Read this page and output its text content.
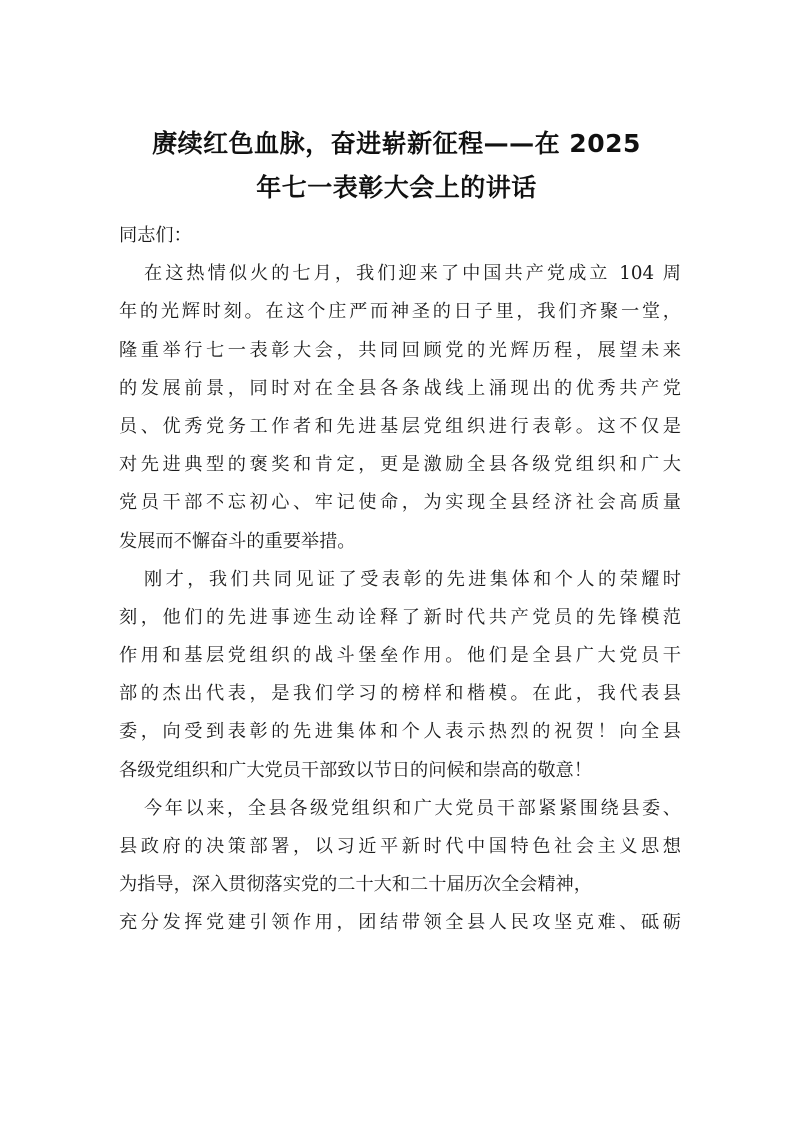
赓续红色血脉，奋进崭新征程——在 2025
年七一表彰大会上的讲话
同志们：
在这热情似火的七月，我们迎来了中国共产党成立 104 周
年的光辉时刻。在这个庄严而神圣的日子里，我们齐聚一堂，
隆重举行七一表彰大会，共同回顾党的光辉历程，展望未来
的发展前景，同时对在全县各条战线上涌现出的优秀共产党
员、优秀党务工作者和先进基层党组织进行表彰。这不仅是
对先进典型的褒奖和肯定，更是激励全县各级党组织和广大
党员干部不忘初心、牢记使命，为实现全县经济社会高质量
发展而不懈奋斗的重要举措。
刚才，我们共同见证了受表彰的先进集体和个人的荣耀时
刻，他们的先进事迹生动诠释了新时代共产党员的先锋模范
作用和基层党组织的战斗堡垒作用。他们是全县广大党员干
部的杰出代表，是我们学习的榜样和楷模。在此，我代表县
委，向受到表彰的先进集体和个人表示热烈的祝贺！向全县
各级党组织和广大党员干部致以节日的问候和崇高的敬意！
今年以来，全县各级党组织和广大党员干部紧紧围绕县委、
县政府的决策部署，以习近平新时代中国特色社会主义思想
为指导，深入贯彻落实党的二十大和二十届历次全会精神，
充分发挥党建引领作用，团结带领全县人民攻坚克难、砥砺
